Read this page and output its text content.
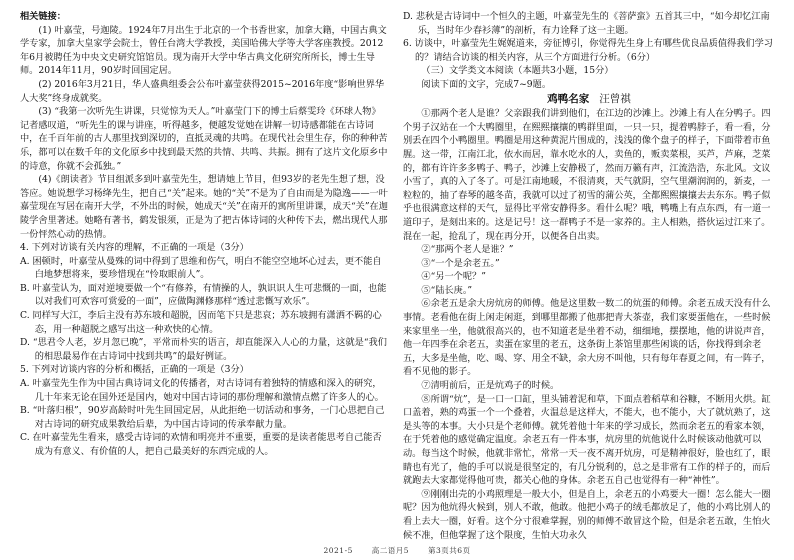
相关链接：

(1) 叶嘉莹，号迦陵。1924年7月出生于北京的一个书香世家，加拿大籍，中国古典文学专家，加拿大皇家学会院士，曾任台湾大学教授，美国哈佛大学等大学客座教授。2012年6月被聘任为中央文史研究馆馆员。现为南开大学中华古典文化研究所所长，博士生导师。2014年11月，90岁时回国定居。

(2) 2016年3月21日，华人盛典组委会公布叶嘉莹获得2015~2016年度“影响世界华人大奖”终身成就奖。

(3) “我第一次听先生讲课，只觉惊为天人。”叶嘉莹门下的博士后蔡雯玲《环球人物》记者感叹道，“听先生的课与讲座，听得越多，便越发觉她在讲解一切诗感都能在古诗词中，在千百年前的古人那里找到深切的，直抵灵魂的共鸣。在现代社会里生存，你的种种苦乐，都可以在数千年的文化原乡中找到最天然的共情、共鸣、共振。拥有了这片文化原乡中的诗意，你就不会孤独。”

(4)《朗读者》节目组派多到叶嘉莹先生，想请她上节目，但93岁的老先生想了想，没答应。她说想学习杨绛先生，把自己“关”起来。她的“关”不是为了自由而是为隐逸——一叶嘉莹现在写居在南开大学，不外出的时候，她成天“关”在南开的寓所里讲课，成天“关”在迦陵学舍里著述。她略有著书，鹤发银须，正是为了把古体诗词的火种传下去，燃出现代人那一份怦然心动的热情。

4. 下列对访谈有关内容的理解，不正确的一项是（3分）

A. 困顿时，叶嘉莹从曼殊的词中得到了思维和伤气，明白不能空空地坏心过去，更不能自白地梦想将来，要珍惜现在“怜取眼前人”。

B. 叶嘉莹认为，面对逆境要做一个“有修养，有情操的人，孰识识人生可悲慨的一面，也能以对我们可欢容可赏爱的一面”，应做陶渊修那样“透过悲慨写欢乐”。

C. 同样写大江，李后主没有苏东坡和超脱，因而笔下只是悲哀；苏东坡拥有潇洒不羁的心态，用一种超脱之感写出这一种欢快的心情。

D. “思君令人老，岁月忽已晚”，平常而朴实的语言，却直能深入人心的力量，这就是“我们的相思最易作在古诗词中找到共鸣”的最好例证。

5. 下列对访谈内容的分析和概括，正确的一项是（3分）

A. 叶嘉莹先生作为中国古典诗词文化的传播者，对古诗词有着独特的情感和深入的研究，几十年来无论在国外还是国内，她对中国古诗词的那份理解和激情点燃了许多人的心。

B. “叶落归根”，90岁高龄时叶先生回国定居，从此拒绝一切活动和事务，一门心思把自己对古诗词的研究成果教给后辈，为中国古诗词的传承奉献力量。

C. 在叶嘉莹先生看来，感受古诗词的欢情和明亮并不重要，重要的是读者能思考自己能否成为有意义、有价值的人，把自己最美好的东西完成的人。

D. 悲秋是古诗词中一个恒久的主题，叶嘉莹先生的《菩萨蛮》五首其三中，“如今却忆江南乐，当时年少春衫薄”的剖析，有力诠释了这一主题。

6. 访谈中，叶嘉莹先生娓娓道来，旁征博引，你觉得先生身上有哪些优良品质值得我们学习的？请结合访谈的相关内容，从三个方面进行分析。（6分）

（三）文学类文本阅读（本题共3小题，15分）

阅读下面的文字，完成7~9题。

鸡鸭名家 汪曾祺

①那两个老人是谁？父亲跟我们讲到他们，在江边的沙滩上。沙滩上有人在分鸭子。四个男子汉站在一个大鸭圈里，在熙熙攘攘的鸭群里面，一只一只，提着鸭脖子，看一看，分别丢在四个小鸭圈里。鸭圈是用这种黄泥片围成的，浅浅的像个盘子的样子，下面带着市鱼腥。这一带，江南江北，依水而居，靠水吃水的人，卖鱼的，贩卖菜根，买芦，芦麻，芝菜的，都有许许多多鸭子、鸭子，沙滩上安静极了，然而万籁有声，江流浩浩，东北风。文议小雪了，真的入了冬了。可是江南地暖，不很清爽，天气就阴，空气里潮润润的，新麦，一粒粒的，抽了春琴的越冬苗，我就可以过了初雪的蒲公英，全都熙熙攘攘去去东东。鸭子似乎也很满意这样的天气，显得比平常安静得多。看什么呢？哦，鸭嘴上有点东西，有一道一道印子，是刻出来的。这是记号！这一群鸭子不是一家养的。主人相熟，搭伙运过江来了。混在一起，抢乱了，现在再分开，以便各自出卖。

②“那两个老人是谁？”

③“一个是余老五。”

④“另一个呢？”

⑤“陆长庚。”

⑥余老五是余大房炕房的师傅。他是这里数一数二的炕蛋的师傅。余老五成天没有什么事情。老看他在街上闲走闲逛，到哪里都搬了他那把青大茶壶，我们家要蛋他在，一些时候来家里坐一坐，他就很高兴的，也不知道老是坐着不动，细细地，摆摆地，他的讲说声音，他一年四季在余老五，卖蛋在家里的老五，这条街上茶馆里那些闲谈的话，你找得到余老五，大多是坐他，吃、喝、穿、用全不缺，余大房不叫他，只有每年春夏之间，有一阵子，看不见他的影子。

⑦清明前后，正是炕鸡子的时候。

⑧所谓“炕”，是一口一口缸，里头铺着泥和草，下面点着稻草和谷糠，不断用火烘。缸口盖着，熟的鸡蛋一个一个叠着，火温总是这样大，不能大，也不能小，大了就炕熟了，这是头等的本事。大小只是个老师傅。就凭着他十年来的学习成长，然而余老五的看家本领，在于凭着他的感觉确定温度。余老五有一件本事，炕房里的炕他说什么时候该动他就可以动。每当这个时候，他就非常忙，常常一天一夜不离开炕房，可是精神很好，脸也红了，眼睛也有光了，他的手可以说是很坚定的，有几分锐利的，总之是非常有工作的样子的，而后就跑去大家都觉得他可贵，都关心他的身体。余老五自己也觉得有一种“神性”。

⑨刚刚出壳的小鸡照理是一般大小，但是自上，余老五的小鸡要大一圈！怎么能大一圈呢？因为他炕得火候到，别人不敢，他敢。他把小鸡子的绒毛都放足了，他的小鸡比别人的看上去大一圈，好看。这个分寸很难掌握，别的师傅不敢冒这个险，但是余老五敢，生怕火候不准，但他掌握了这个限度，生怕大功永久

2021-5	高二语月5	第3页共6页
